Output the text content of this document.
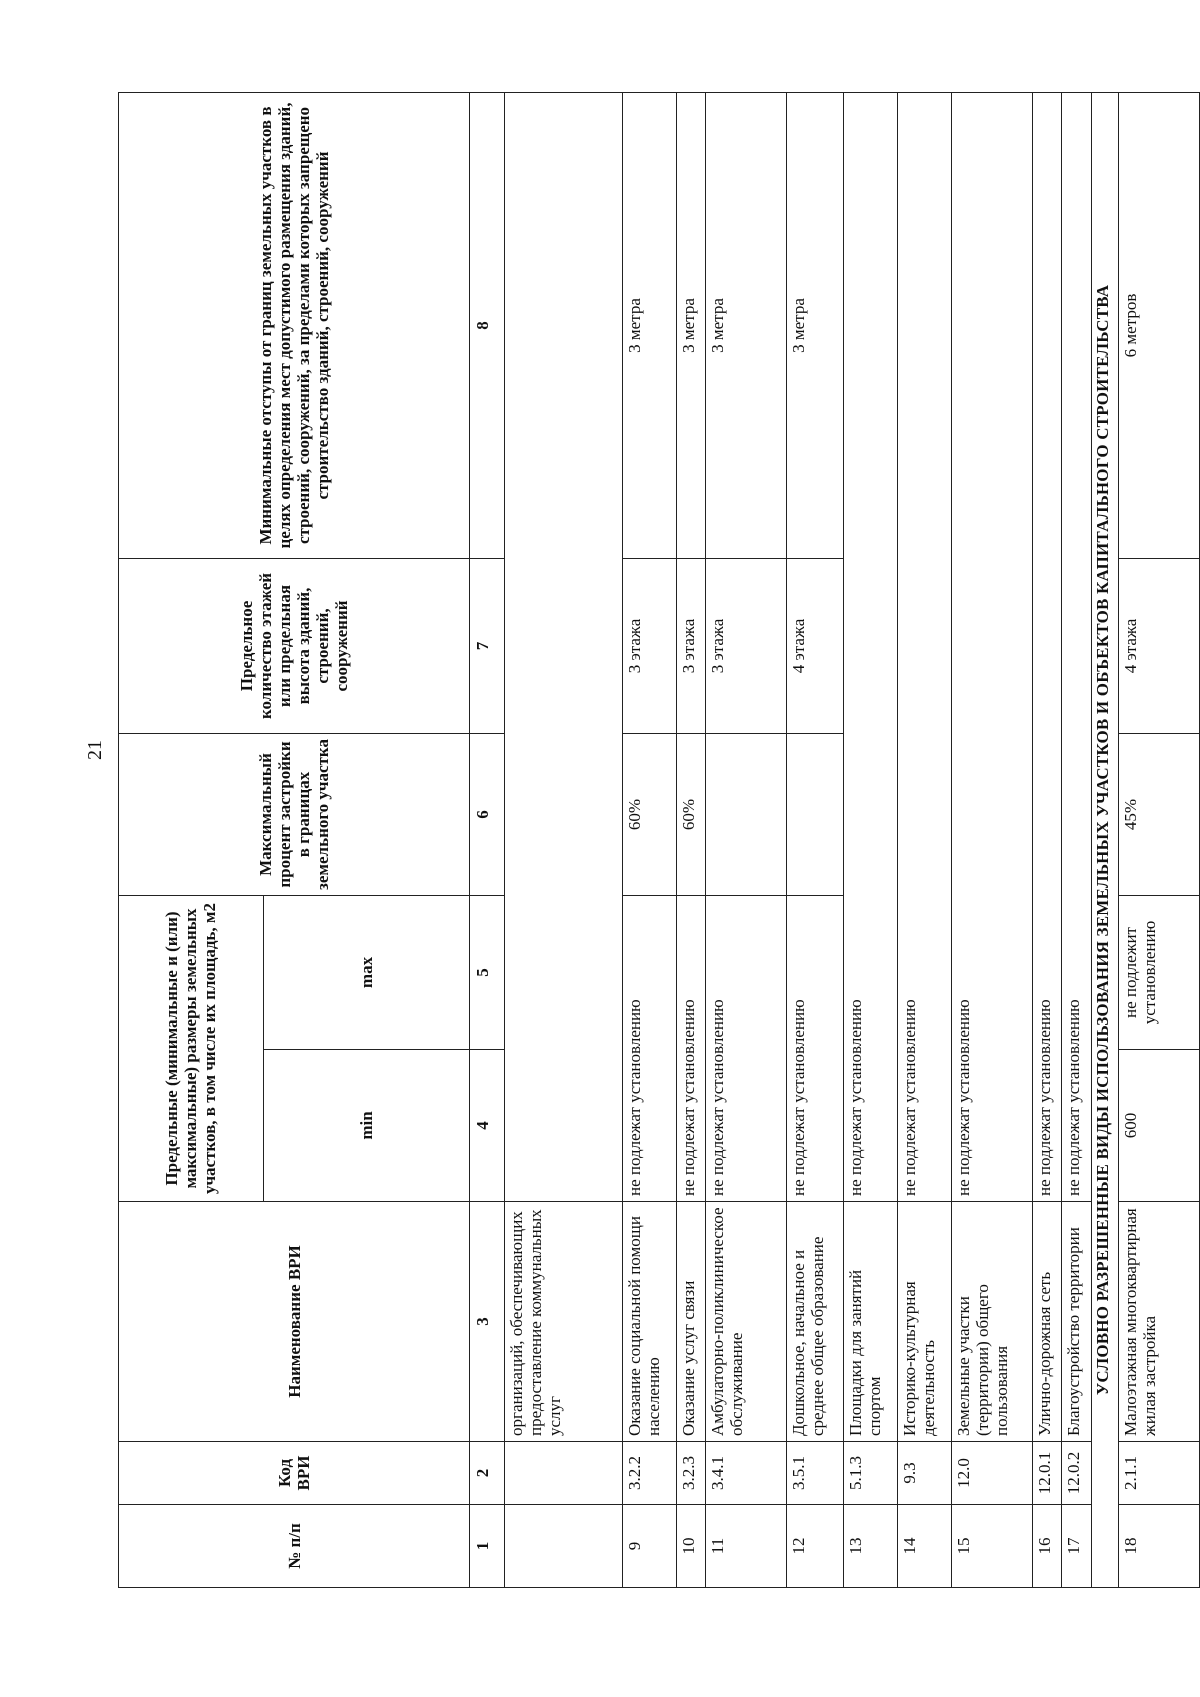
21
№ п/п	Код ВРИ	Наименование ВРИ	Предельные (минимальные и (или) максимальные) размеры земельных участков, в том числе их площадь, м2		Максимальный процент застройки в границах земельного участка	Предельное количество этажей или предельная высота зданий, строений, сооружений	Минимальные отступы от границ земельных участков в целях определения мест допустимого размещения зданий, строений, сооружений, за пределами которых запрещено строительство зданий, строений, сооружений
			min	max			
1	2	3	4	5	6	7	8
		организаций, обеспечивающих предоставление коммунальных услуг					
9	3.2.2	Оказание социальной помощи населению	не подлежат установлению		60%	3 этажа	3 метра
10	3.2.3	Оказание услуг связи	не подлежат установлению		60%	3 этажа	3 метра
11	3.4.1	Амбулаторно-поликлиническое обслуживание	не подлежат установлению			3 этажа	3 метра
12	3.5.1	Дошкольное, начальное и среднее общее образование	не подлежат установлению			4 этажа	3 метра
13	5.1.3	Площадки для занятий спортом	не подлежат установлению				
14	9.3	Историко-культурная деятельность	не подлежат установлению				
15	12.0	Земельные участки (территории) общего пользования	не подлежат установлению				
16	12.0.1	Улично-дорожная сеть	не подлежат установлению				
17	12.0.2	Благоустройство территории	не подлежат установлению				
УСЛОВНО РАЗРЕШЕННЫЕ ВИДЫ ИСПОЛЬЗОВАНИЯ ЗЕМЕЛЬНЫХ УЧАСТКОВ И ОБЪЕКТОВ КАПИТАЛЬНОГО СТРОИТЕЛЬСТВА							
18	2.1.1	Малоэтажная многоквартирная жилая застройка	600	не подлежит установлению	45%	4 этажа	6 метров
